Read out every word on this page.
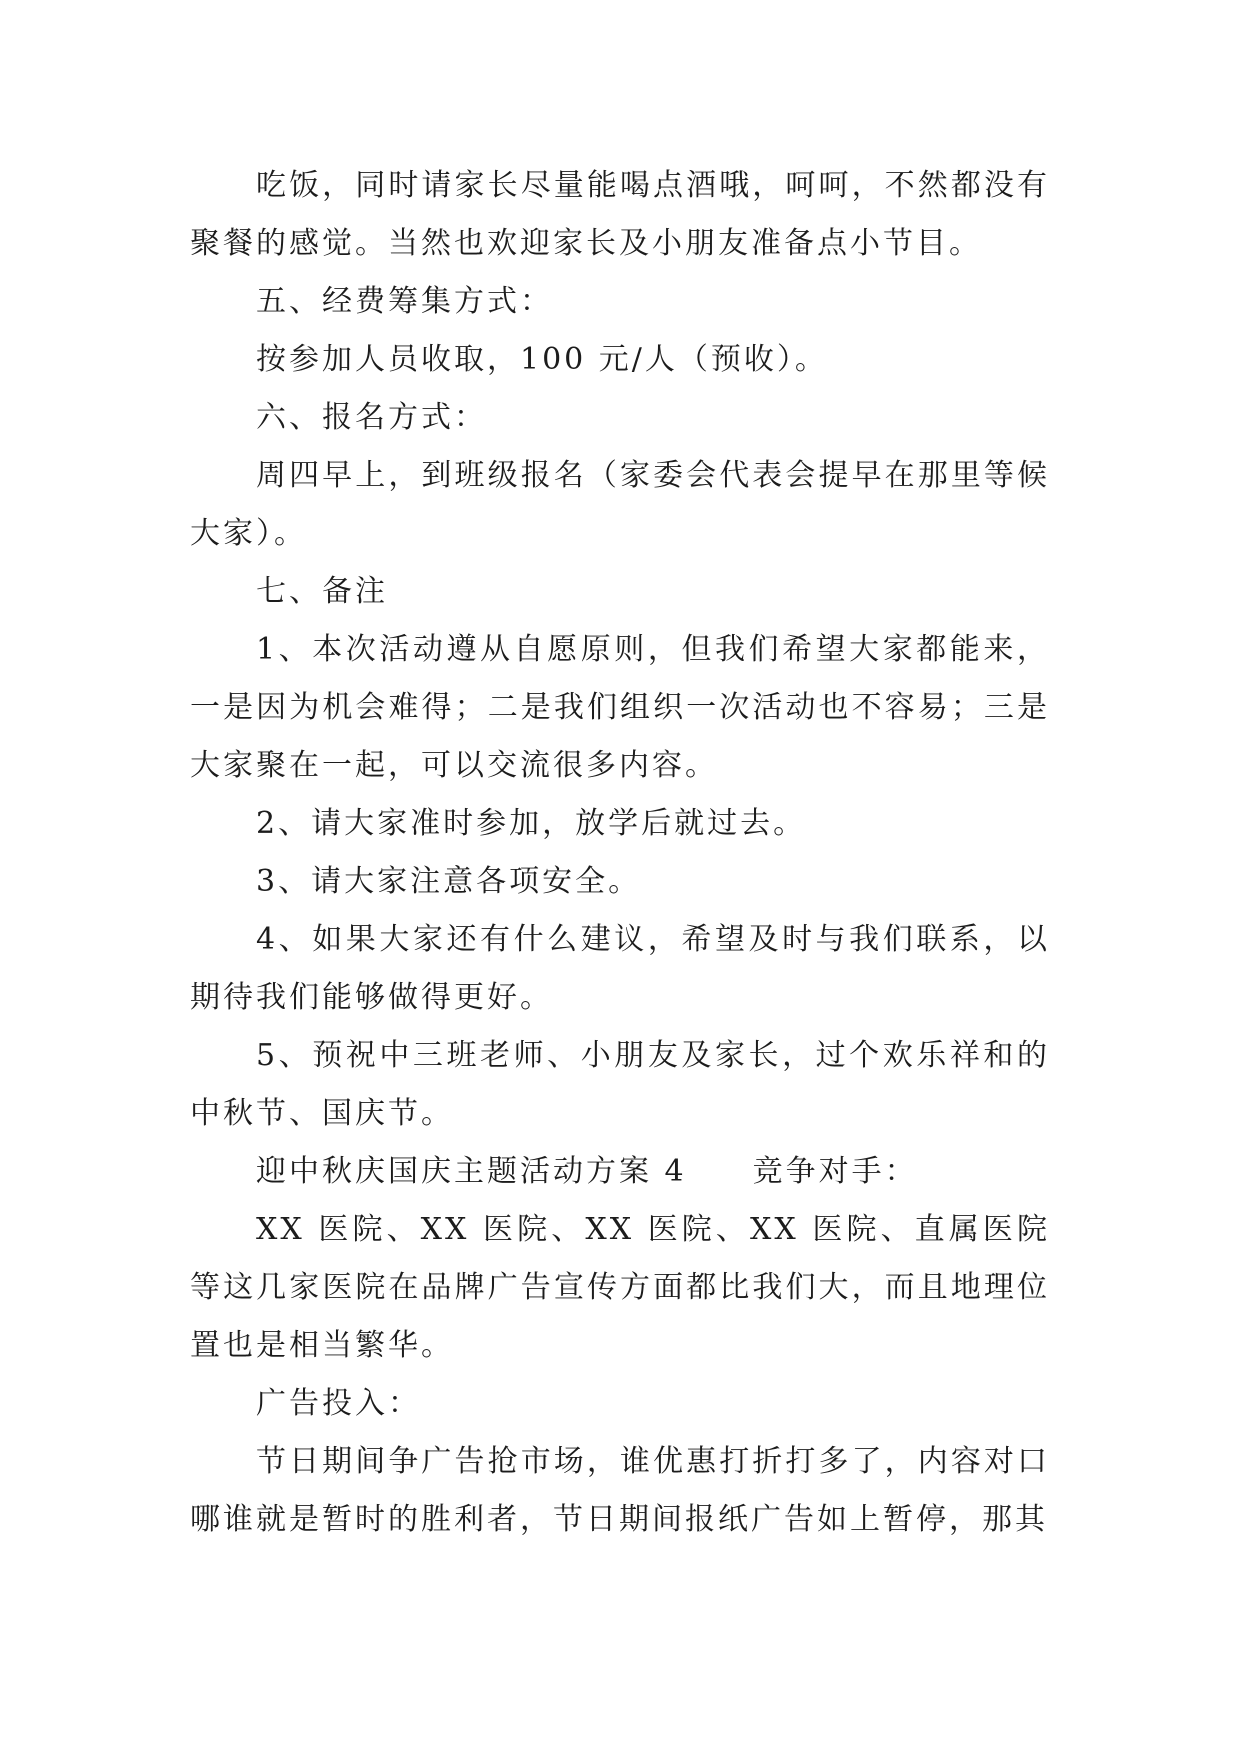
吃饭，同时请家长尽量能喝点酒哦，呵呵，不然都没有聚餐的感觉。当然也欢迎家长及小朋友准备点小节目。

五、经费筹集方式：

按参加人员收取，100 元/人（预收）。

六、报名方式：

周四早上，到班级报名（家委会代表会提早在那里等候大家）。

七、备注

1、本次活动遵从自愿原则，但我们希望大家都能来，一是因为机会难得；二是我们组织一次活动也不容易；三是大家聚在一起，可以交流很多内容。

2、请大家准时参加，放学后就过去。

3、请大家注意各项安全。

4、如果大家还有什么建议，希望及时与我们联系，以期待我们能够做得更好。

5、预祝中三班老师、小朋友及家长，过个欢乐祥和的中秋节、国庆节。

迎中秋庆国庆主题活动方案 4　　竞争对手：

XX 医院、XX 医院、XX 医院、XX 医院、直属医院等这几家医院在品牌广告宣传方面都比我们大，而且地理位置也是相当繁华。

广告投入：

节日期间争广告抢市场，谁优惠打折打多了，内容对口哪谁就是暂时的胜利者，节日期间报纸广告如上暂停，那其
